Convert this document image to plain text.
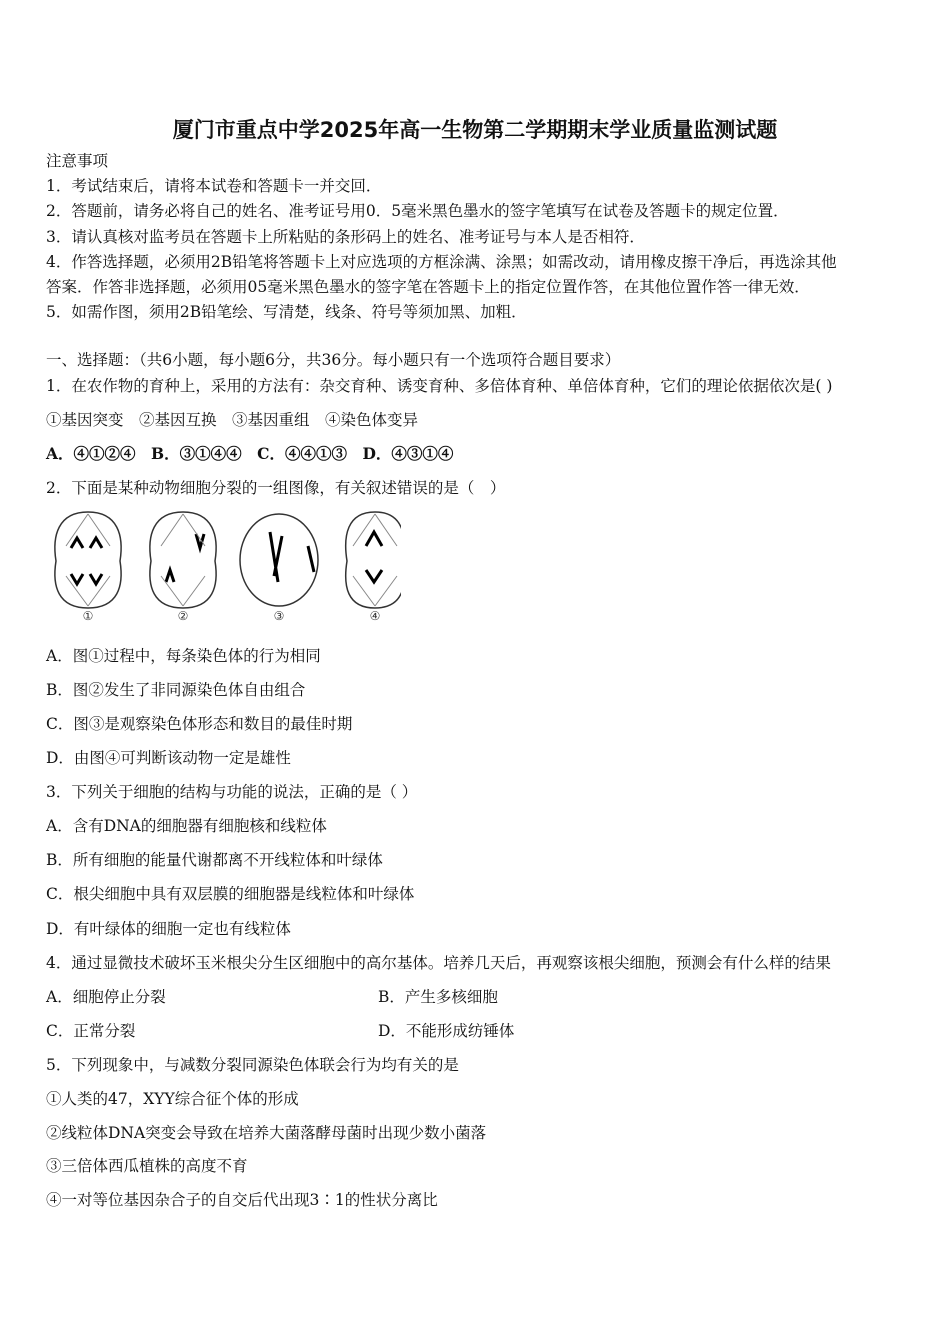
厦门市重点中学2025年高一生物第二学期期末学业质量监测试题
注意事项
1．考试结束后，请将本试卷和答题卡一并交回．
2．答题前，请务必将自己的姓名、准考证号用0．5毫米黑色墨水的签字笔填写在试卷及答题卡的规定位置．
3．请认真核对监考员在答题卡上所粘贴的条形码上的姓名、准考证号与本人是否相符．
4．作答选择题，必须用2B铅笔将答题卡上对应选项的方框涂满、涂黑；如需改动，请用橡皮擦干净后，再选涂其他
答案．作答非选择题，必须用05毫米黑色墨水的签字笔在答题卡上的指定位置作答，在其他位置作答一律无效．
5．如需作图，须用2B铅笔绘、写清楚，线条、符号等须加黑、加粗．
一、选择题：（共6小题，每小题6分，共36分。每小题只有一个选项符合题目要求）
1．在农作物的育种上，采用的方法有：杂交育种、诱变育种、多倍体育种、单倍体育种，它们的理论依据依次是( )
①基因突变　②基因互换　③基因重组　④染色体变异
A．④①②④　B．③①④④　C．④④①③　D．④③①④
2．下面是某种动物细胞分裂的一组图像，有关叙述错误的是（　）
①	②	③	④
A．图①过程中，每条染色体的行为相同
B．图②发生了非同源染色体自由组合
C．图③是观察染色体形态和数目的最佳时期
D．由图④可判断该动物一定是雄性
3．下列关于细胞的结构与功能的说法，正确的是（ ）
A．含有DNA的细胞器有细胞核和线粒体
B．所有细胞的能量代谢都离不开线粒体和叶绿体
C．根尖细胞中具有双层膜的细胞器是线粒体和叶绿体
D．有叶绿体的细胞一定也有线粒体
4．通过显微技术破坏玉米根尖分生区细胞中的高尔基体。培养几天后，再观察该根尖细胞，预测会有什么样的结果
A．细胞停止分裂	B．产生多核细胞
C．正常分裂	D．不能形成纺锤体
5．下列现象中，与减数分裂同源染色体联会行为均有关的是
①人类的47，XYY综合征个体的形成
②线粒体DNA突变会导致在培养大菌落酵母菌时出现少数小菌落
③三倍体西瓜植株的高度不育
④一对等位基因杂合子的自交后代出现3∶1的性状分离比
